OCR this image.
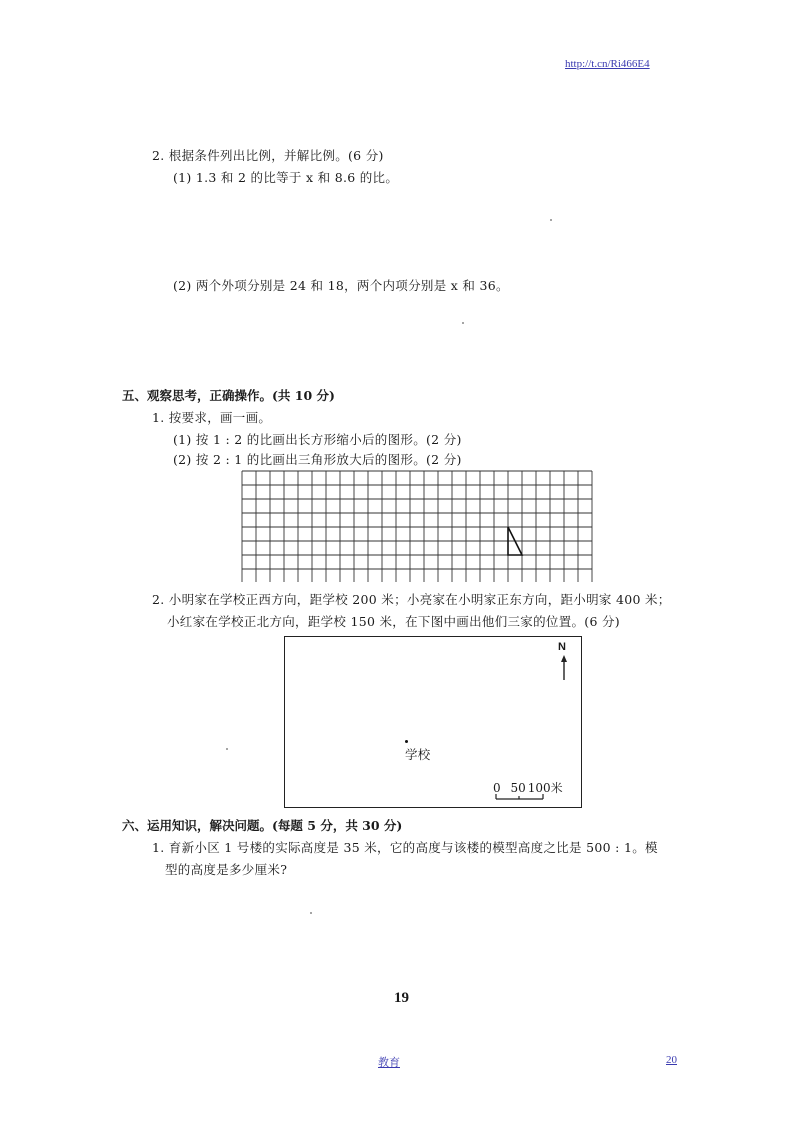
http://t.cn/Ri466E4
2. 根据条件列出比例，并解比例。(6 分)
(1) 1.3 和 2 的比等于 x 和 8.6 的比。
(2) 两个外项分别是 24 和 18，两个内项分别是 x 和 36。
五、观察思考，正确操作。(共 10 分)
1. 按要求，画一画。
(1) 按 1 : 2 的比画出长方形缩小后的图形。(2 分)
(2) 按 2 : 1 的比画出三角形放大后的图形。(2 分)
2. 小明家在学校正西方向，距学校 200 米；小亮家在小明家正东方向，距小明家 400 米；
小红家在学校正北方向，距学校 150 米，在下图中画出他们三家的位置。(6 分)
N
学校
0 50 100米
六、运用知识，解决问题。(每题 5 分，共 30 分)
1. 育新小区 1 号楼的实际高度是 35 米，它的高度与该楼的模型高度之比是 500 : 1。模
型的高度是多少厘米?
19
教育	20
